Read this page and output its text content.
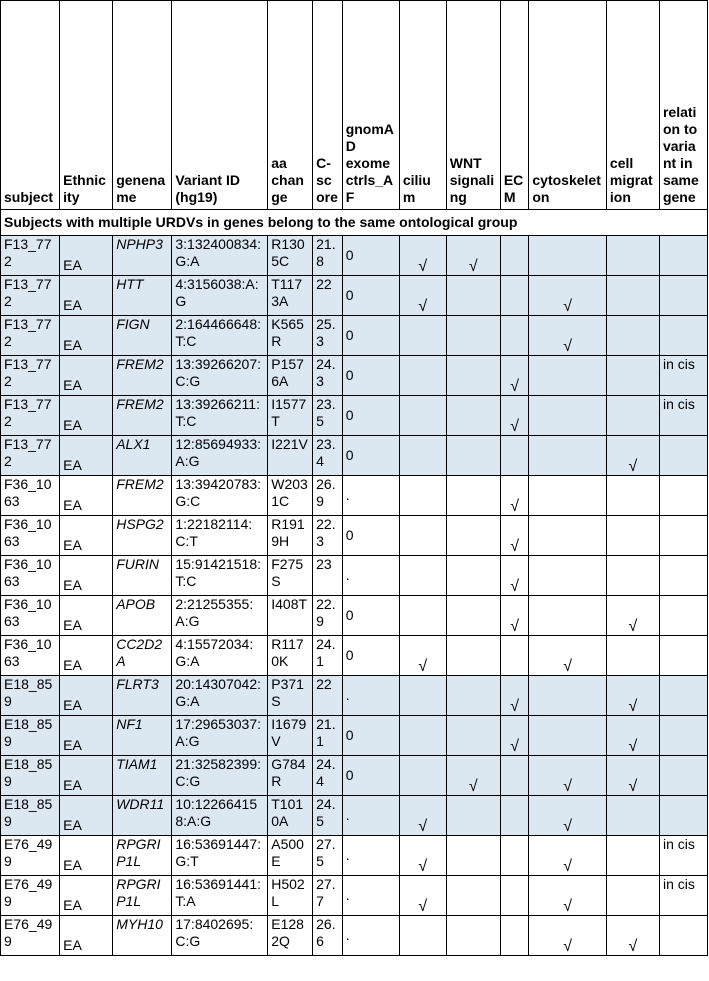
subject	Ethnicity	genename	Variant ID (hg19)	aa change	C-score	gnomAD exome ctrls_AF	cilium	WNT signaling	ECM	cytoskeleton	cell migration	relation to variant in same gene
Subjects with multiple URDVs in genes belong to the same ontological group												
F13_772	EA	NPHP3	3:132400834:G:A	R1305C	21.8	0	√	√				
F13_772	EA	HTT	4:3156038:A:G	T1173A	22	0	√			√		
F13_772	EA	FIGN	2:164466648:T:C	K565R	25.3	0				√		
F13_772	EA	FREM2	13:39266207:C:G	P1576A	24.3	0			√			in cis
F13_772	EA	FREM2	13:39266211:T:C	I1577T	23.5	0			√			in cis
F13_772	EA	ALX1	12:85694933:A:G	I221V	23.4	0					√	
F36_1063	EA	FREM2	13:39420783:G:C	W2031C	26.9	.			√			
F36_1063	EA	HSPG2	1:22182114:C:T	R1919H	22.3	0			√			
F36_1063	EA	FURIN	15:91421518:T:C	F275S	23	.			√			
F36_1063	EA	APOB	2:21255355:A:G	I408T	22.9	0			√		√	
F36_1063	EA	CC2D2A	4:15572034:G:A	R1170K	24.1	0	√			√		
E18_859	EA	FLRT3	20:14307042:G:A	P371S	22	.			√		√	
E18_859	EA	NF1	17:29653037:A:G	I1679V	21.1	0			√		√	
E18_859	EA	TIAM1	21:32582399:C:G	G784R	24.4	0		√		√	√	
E18_859	EA	WDR11	10:122664158:A:G	T1010A	24.5	.	√			√		
E76_499	EA	RPGRIP1L	16:53691447:G:T	A500E	27.5	.	√			√		in cis
E76_499	EA	RPGRIP1L	16:53691441:T:A	H502L	27.7	.	√			√		in cis
E76_499	EA	MYH10	17:8402695:C:G	E1282Q	26.6	.				√	√	
